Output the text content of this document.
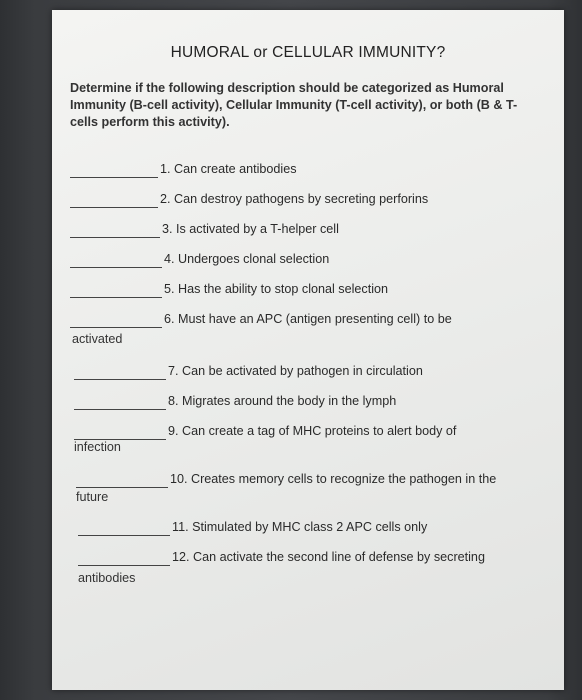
HUMORAL or CELLULAR IMMUNITY?
Determine if the following description should be categorized as Humoral Immunity (B-cell activity), Cellular Immunity (T-cell activity), or both (B & T-cells perform this activity).
1. Can create antibodies
2. Can destroy pathogens by secreting perforins
3. Is activated by a T-helper cell
4. Undergoes clonal selection
5. Has the ability to stop clonal selection
6. Must have an APC (antigen presenting cell) to be
activated
7. Can be activated by pathogen in circulation
8. Migrates around the body in the lymph
9. Can create a tag of MHC proteins to alert body of
infection
10. Creates memory cells to recognize the pathogen in the
future
11. Stimulated by MHC class 2 APC cells only
12. Can activate the second line of defense by secreting
antibodies
